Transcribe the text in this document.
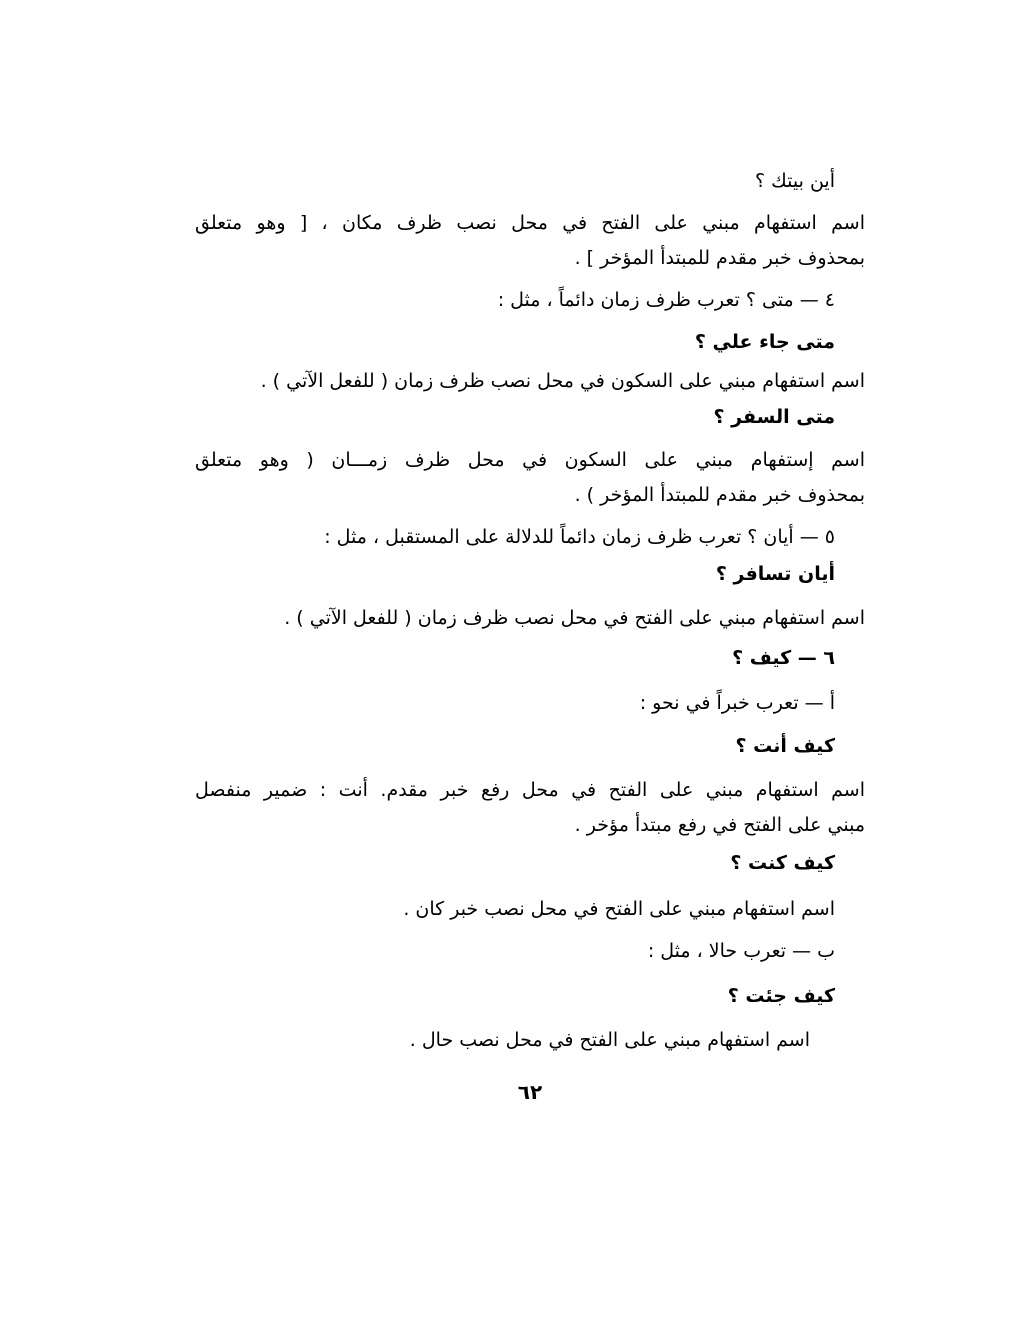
أين بيتك ؟
اسم استفهام مبني على الفتح في محل نصب ظرف مكان ، [ وهو متعلق
بمحذوف خبر مقدم للمبتدأ المؤخر ] .
٤ — متى ؟ تعرب ظرف زمان دائماً ، مثل :
متى جاء علي ؟
اسم استفهام مبني على السكون في محل نصب ظرف زمان ( للفعل الآتي ) .
متى السفر ؟
اسم إستفهام مبني على السكون في محل ظرف زمـــان ( وهو متعلق
بمحذوف خبر مقدم للمبتدأ المؤخر ) .
٥ — أيان ؟ تعرب ظرف زمان دائماً للدلالة على المستقبل ، مثل :
أيان تسافر ؟
اسم استفهام مبني على الفتح في محل نصب ظرف زمان ( للفعل الآتي ) .
٦ — كيف ؟
أ — تعرب خبراً في نحو :
كيف أنت ؟
اسم استفهام مبني على الفتح في محل رفع خبر مقدم. أنت : ضمير منفصل
مبني على الفتح في رفع مبتدأ مؤخر .
كيف كنت ؟
اسم استفهام مبني على الفتح في محل نصب خبر كان .
ب — تعرب حالا ، مثل :
كيف جئت ؟
اسم استفهام مبني على الفتح في محل نصب حال .
٦٢
